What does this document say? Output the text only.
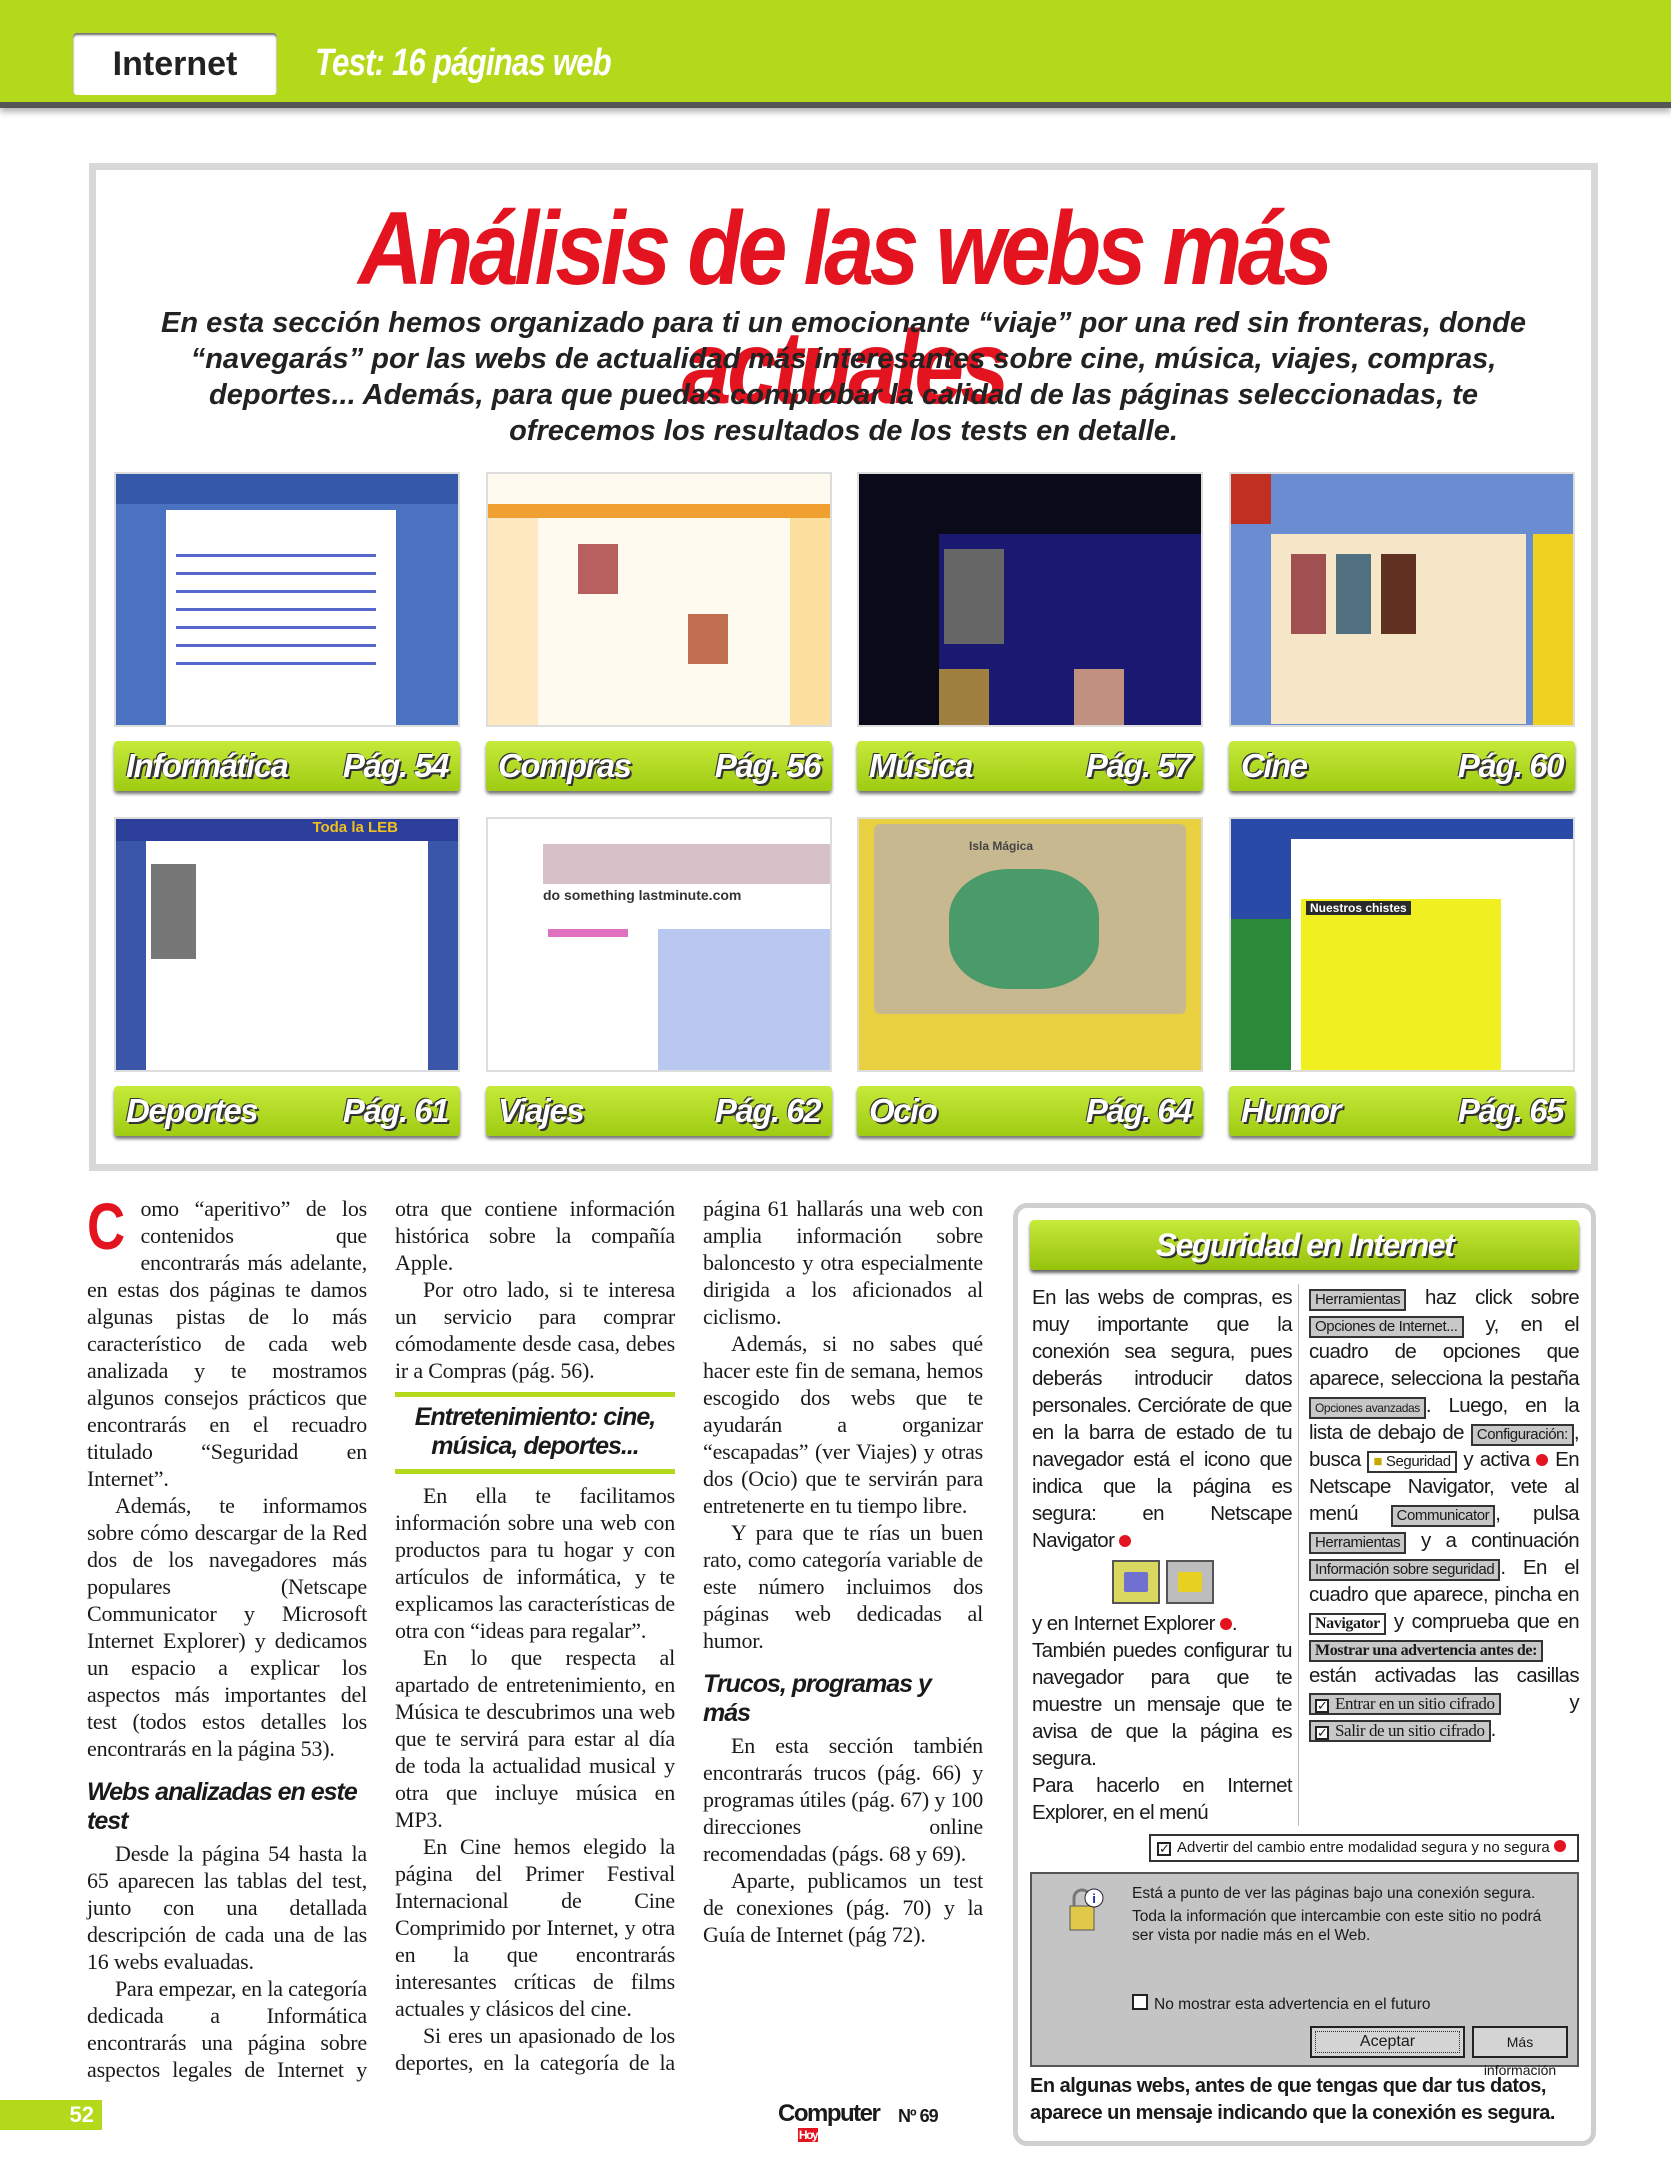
Internet	Test: 16 páginas web
Análisis de las webs más actuales
En esta sección hemos organizado para ti un emocionante “viaje” por una red sin fronteras, donde “navegarás” por las webs de actualidad más interesantes sobre cine, música, viajes, compras, deportes... Además, para que puedas comprobar la calidad de las páginas seleccionadas, te ofrecemos los resultados de los tests en detalle.
Informática Pág. 54 Compras	Pág. 56 Música	Pág. 57 Cine	Pág. 60
Toda la LEB
Deportes	Pág. 61
do something lastminute.com
Viajes	Pág. 62
Isla Mágica
Ocio	Pág. 64
Nuestros chistes
Humor	Pág. 65

Como “aperitivo” de los contenidos que encontrarás más adelante, en estas dos páginas te damos algunas pistas de lo más característico de cada web analizada y te mostramos algunos consejos prácticos que encontrarás en el recuadro titulado “Seguridad en Internet”.

Además, te informamos sobre cómo descargar de la Red dos de los navegadores más populares (Netscape Communicator y Microsoft Internet Explorer) y dedicamos un espacio a explicar los aspectos más importantes del test (todos estos detalles los encontrarás en la página 53).

Webs analizadas en este test

Desde la página 54 hasta la 65 aparecen las tablas del test, junto con una detallada descripción de cada una de las 16 webs evaluadas.

Para empezar, en la categoría dedicada a Informática encontrarás una página sobre aspectos legales de Internet y otra que contiene información histórica sobre la compañía Apple.

Por otro lado, si te interesa un servicio para comprar cómodamente desde casa, debes ir a Compras (pág. 56).

Entretenimiento: cine, música, deportes...

En ella te facilitamos información sobre una web con productos para tu hogar y con artículos de informática, y te explicamos las características de otra con “ideas para regalar”.

En lo que respecta al apartado de entretenimiento, en Música te descubrimos una web que te servirá para estar al día de toda la actualidad musical y otra que incluye música en MP3.

En Cine hemos elegido la página del Primer Festival Internacional de Cine Comprimido por Internet, y otra en la que encontrarás interesantes críticas de films actuales y clásicos del cine.

Si eres un apasionado de los deportes, en la categoría de la página 61 hallarás una web con amplia información sobre baloncesto y otra especialmente dirigida a los aficionados al ciclismo.

Además, si no sabes qué hacer este fin de semana, hemos escogido dos webs que te ayudarán a organizar “escapadas” (ver Viajes) y otras dos (Ocio) que te servirán para entretenerte en tu tiempo libre.

Y para que te rías un buen rato, como categoría variable de este número incluimos dos páginas web dedicadas al humor.

Trucos, programas y más

En esta sección también encontrarás trucos (pág. 66) y programas útiles (pág. 67) y 100 direcciones online recomendadas (págs. 68 y 69).

Aparte, publicamos un test de conexiones (pág. 70) y la Guía de Internet (pág 72).

Seguridad en Internet
En las webs de compras, es muy importante que la conexión sea segura, pues deberás introducir datos personales. Cerciórate de que en la barra de estado de tu navegador está el icono que indica que la página es segura: en Netscape Navigator
y en Internet Explorer .
También puedes configurar tu navegador para que te muestre un mensaje que te avisa de que la página es segura.
Para hacerlo en Internet Explorer, en el menú
Herramientas haz click sobre Opciones de Internet... y, en el cuadro de opciones que aparece, selecciona la pestaña Opciones avanzadas . Luego, en la lista de debajo de Configuración: , busca ■ Seguridad y activa  En Netscape Navigator, vete al menú Communicator , pulsa Herramientas y a continuación Información sobre seguridad . En el cuadro que aparece, pincha en Navigator y comprueba que en Mostrar una advertencia antes de: están activadas las casillas ✓ Entrar en un sitio cifrado y ✓ Salir de un sitio cifrado .
✓ Advertir del cambio entre modalidad segura y no segura
i Está a punto de ver las páginas bajo una conexión segura.

Toda la información que intercambie con este sitio no podrá ser vista por nadie más en el Web.

No mostrar esta advertencia en el futuro
Aceptar	Más información
En algunas webs, antes de que tengas que dar tus datos, aparece un mensaje indicando que la conexión es segura.
52	Computer
Hoy
Nº 69
